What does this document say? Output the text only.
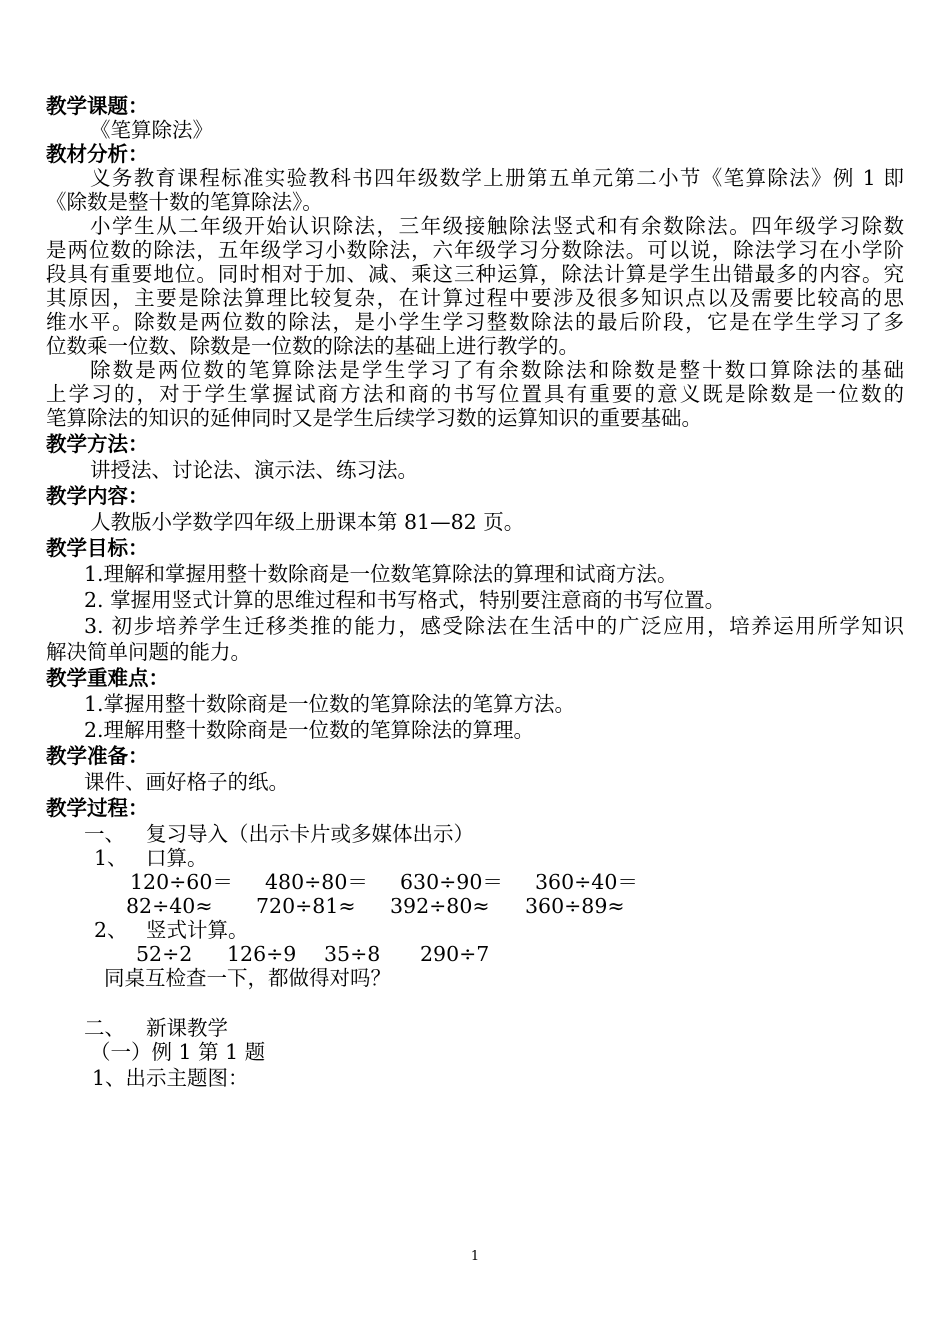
教学课题：
《笔算除法》
教材分析：
义务教育课程标准实验教科书四年级数学上册第五单元第二小节《笔算除法》例 1 即
《除数是整十数的笔算除法》。
小学生从二年级开始认识除法，三年级接触除法竖式和有余数除法。四年级学习除数
是两位数的除法，五年级学习小数除法，六年级学习分数除法。可以说，除法学习在小学阶
段具有重要地位。同时相对于加、减、乘这三种运算，除法计算是学生出错最多的内容。究
其原因，主要是除法算理比较复杂，在计算过程中要涉及很多知识点以及需要比较高的思
维水平。除数是两位数的除法，是小学生学习整数除法的最后阶段，它是在学生学习了多
位数乘一位数、除数是一位数的除法的基础上进行教学的。
除数是两位数的笔算除法是学生学习了有余数除法和除数是整十数口算除法的基础
上学习的，对于学生掌握试商方法和商的书写位置具有重要的意义既是除数是一位数的
笔算除法的知识的延伸同时又是学生后续学习数的运算知识的重要基础。
教学方法：
讲授法、讨论法、演示法、练习法。
教学内容：
人教版小学数学四年级上册课本第 81—82 页。
教学目标：
1.理解和掌握用整十数除商是一位数笔算除法的算理和试商方法。
2. 掌握用竖式计算的思维过程和书写格式，特别要注意商的书写位置。
3. 初步培养学生迁移类推的能力，感受除法在生活中的广泛应用，培养运用所学知识
解决简单问题的能力。
教学重难点：
1.掌握用整十数除商是一位数的笔算除法的笔算方法。
2.理解用整十数除商是一位数的笔算除法的算理。
教学准备：
课件、画好格子的纸。
教学过程：
一、 复习导入（出示卡片或多媒体出示）
1、 口算。
120÷60＝ 480÷80＝ 630÷90＝ 360÷40＝
82÷40≈ 720÷81≈ 392÷80≈ 360÷89≈
2、 竖式计算。
52÷2 126÷9 35÷8 290÷7
同桌互检查一下，都做得对吗？
二、 新课教学
（一）例 1 第 1 题
1、出示主题图：
1
